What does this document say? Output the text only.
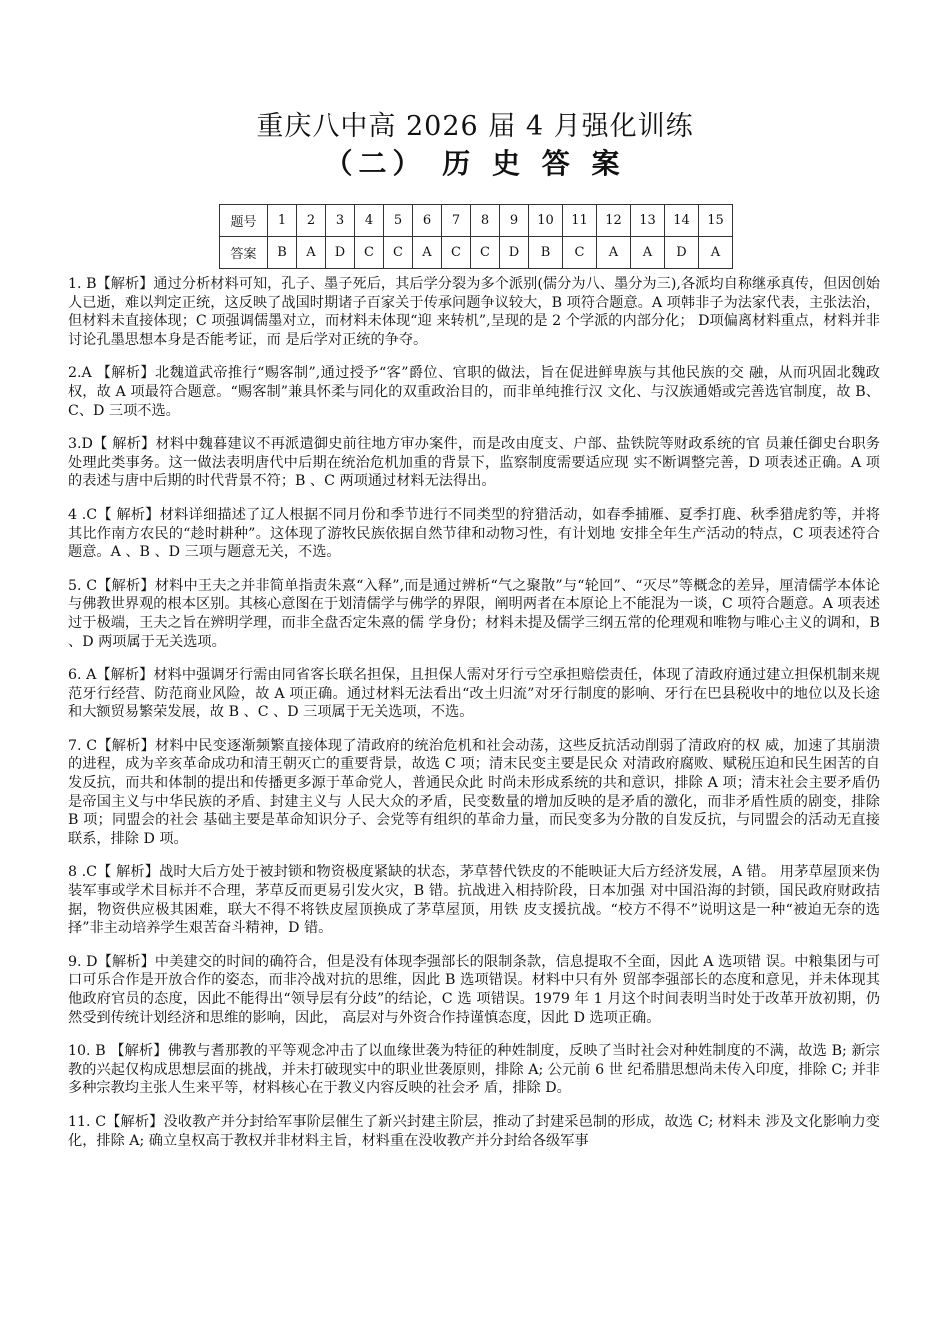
重庆八中高 2026 届 4 月强化训练
（二） 历 史 答 案
题号	1	2	3	4	5	6	7	8	9	10	11	12	13	14	15
答案	B	A	D	C	C	A	C	C	D	B	C	A	A	D	A

1. B【解析】通过分析材料可知，孔子、墨子死后，其后学分裂为多个派别(儒分为八、墨分为三),各派均自称继承真传，但因创始人已逝，难以判定正统，这反映了战国时期诸子百家关于传承问题争议较大，B 项符合题意。A 项韩非子为法家代表，主张法治，但材料未直接体现；C 项强调儒墨对立，而材料未体现“迎 来转机”,呈现的是 2 个学派的内部分化； D项偏离材料重点，材料并非讨论孔墨思想本身是否能考证，而 是后学对正统的争夺。

2.A 【解析】北魏道武帝推行“赐客制”,通过授予“客”爵位、官职的做法，旨在促进鲜卑族与其他民族的交 融，从而巩固北魏政权，故 A 项最符合题意。“赐客制”兼具怀柔与同化的双重政治目的，而非单纯推行汉 文化、与汉族通婚或完善选官制度，故 B、C、D 三项不选。

3.D【 解析】材料中魏暮建议不再派遣御史前往地方审办案件，而是改由度支、户部、盐铁院等财政系统的官 员兼任御史台职务处理此类事务。这一做法表明唐代中后期在统治危机加重的背景下，监察制度需要适应现 实不断调整完善，D 项表述正确。A 项的表述与唐中后期的时代背景不符；B 、C 两项通过材料无法得出。

4 .C【 解析】材料详细描述了辽人根据不同月份和季节进行不同类型的狩猎活动，如春季捕雁、夏季打鹿、秋季猎虎豹等，并将其比作南方农民的“趁时耕种”。这体现了游牧民族依据自然节律和动物习性，有计划地 安排全年生产活动的特点，C 项表述符合题意。A 、B 、D 三项与题意无关，不选。

5. C【解析】材料中王夫之并非简单指责朱熹“入释”,而是通过辨析“气之聚散”与“轮回”、“灭尽”等概念的差异，厘清儒学本体论与佛教世界观的根本区别。其核心意图在于划清儒学与佛学的界限，阐明两者在本原论上不能混为一谈，C 项符合题意。A 项表述过于极端，王夫之旨在辨明学理，而非全盘否定朱熹的儒 学身份；材料未提及儒学三纲五常的伦理观和唯物与唯心主义的调和，B 、D 两项属于无关选项。

6. A【解析】材料中强调牙行需由同省客长联名担保，且担保人需对牙行亏空承担赔偿责任，体现了清政府通过建立担保机制来规范牙行经营、防范商业风险，故 A 项正确。通过材料无法看出“改土归流”对牙行制度的影响、牙行在巴县税收中的地位以及长途和大额贸易繁荣发展，故 B 、C 、D 三项属于无关选项，不选。

7. C【解析】材料中民变逐渐频繁直接体现了清政府的统治危机和社会动荡，这些反抗活动削弱了清政府的权 威，加速了其崩溃的进程，成为辛亥革命成功和清王朝灭亡的重要背景，故选 C 项；清末民变主要是民众 对清政府腐败、赋税压迫和民生困苦的自发反抗，而共和体制的提出和传播更多源于革命党人，普通民众此 时尚未形成系统的共和意识，排除 A 项；清末社会主要矛盾仍是帝国主义与中华民族的矛盾、封建主义与 人民大众的矛盾，民变数量的增加反映的是矛盾的激化，而非矛盾性质的剧变，排除 B 项；同盟会的社会 基础主要是革命知识分子、会党等有组织的革命力量，而民变多为分散的自发反抗，与同盟会的活动无直接 联系，排除 D 项。

8 .C【 解析】战时大后方处于被封锁和物资极度紧缺的状态，茅草替代铁皮的不能映证大后方经济发展，A 错。 用茅草屋顶来伪装军事或学术目标并不合理，茅草反而更易引发火灾，B 错。抗战进入相持阶段，日本加强 对中国沿海的封锁，国民政府财政拮据，物资供应极其困难，联大不得不将铁皮屋顶换成了茅草屋顶，用铁 皮支援抗战。“校方不得不”说明这是一种“被迫无奈的选择”非主动培养学生艰苦奋斗精神，D 错。

9. D【解析】中美建交的时间的确符合，但是没有体现李强部长的限制条款，信息提取不全面，因此 A 选项错 误。中粮集团与可口可乐合作是开放合作的姿态，而非冷战对抗的思维，因此 B 选项错误。材料中只有外 贸部李强部长的态度和意见，并未体现其他政府官员的态度，因此不能得出“领导层有分歧”的结论，C 选 项错误。1979 年 1 月这个时间表明当时处于改革开放初期，仍然受到传统计划经济和思维的影响，因此， 高层对与外资合作持谨慎态度，因此 D 选项正确。

10. B 【解析】佛教与耆那教的平等观念冲击了以血缘世袭为特征的种姓制度，反映了当时社会对种姓制度的不满，故选 B; 新宗教的兴起仅构成思想层面的挑战，并未打破现实中的职业世袭原则，排除 A; 公元前 6 世 纪希腊思想尚未传入印度，排除 C; 并非多种宗教均主张人生来平等，材料核心在于教义内容反映的社会矛 盾，排除 D。

11. C【解析】没收教产并分封给军事阶层催生了新兴封建主阶层，推动了封建采邑制的形成，故选 C; 材料未 涉及文化影响力变化，排除 A; 确立皇权高于教权并非材料主旨，材料重在没收教产并分封给各级军事
